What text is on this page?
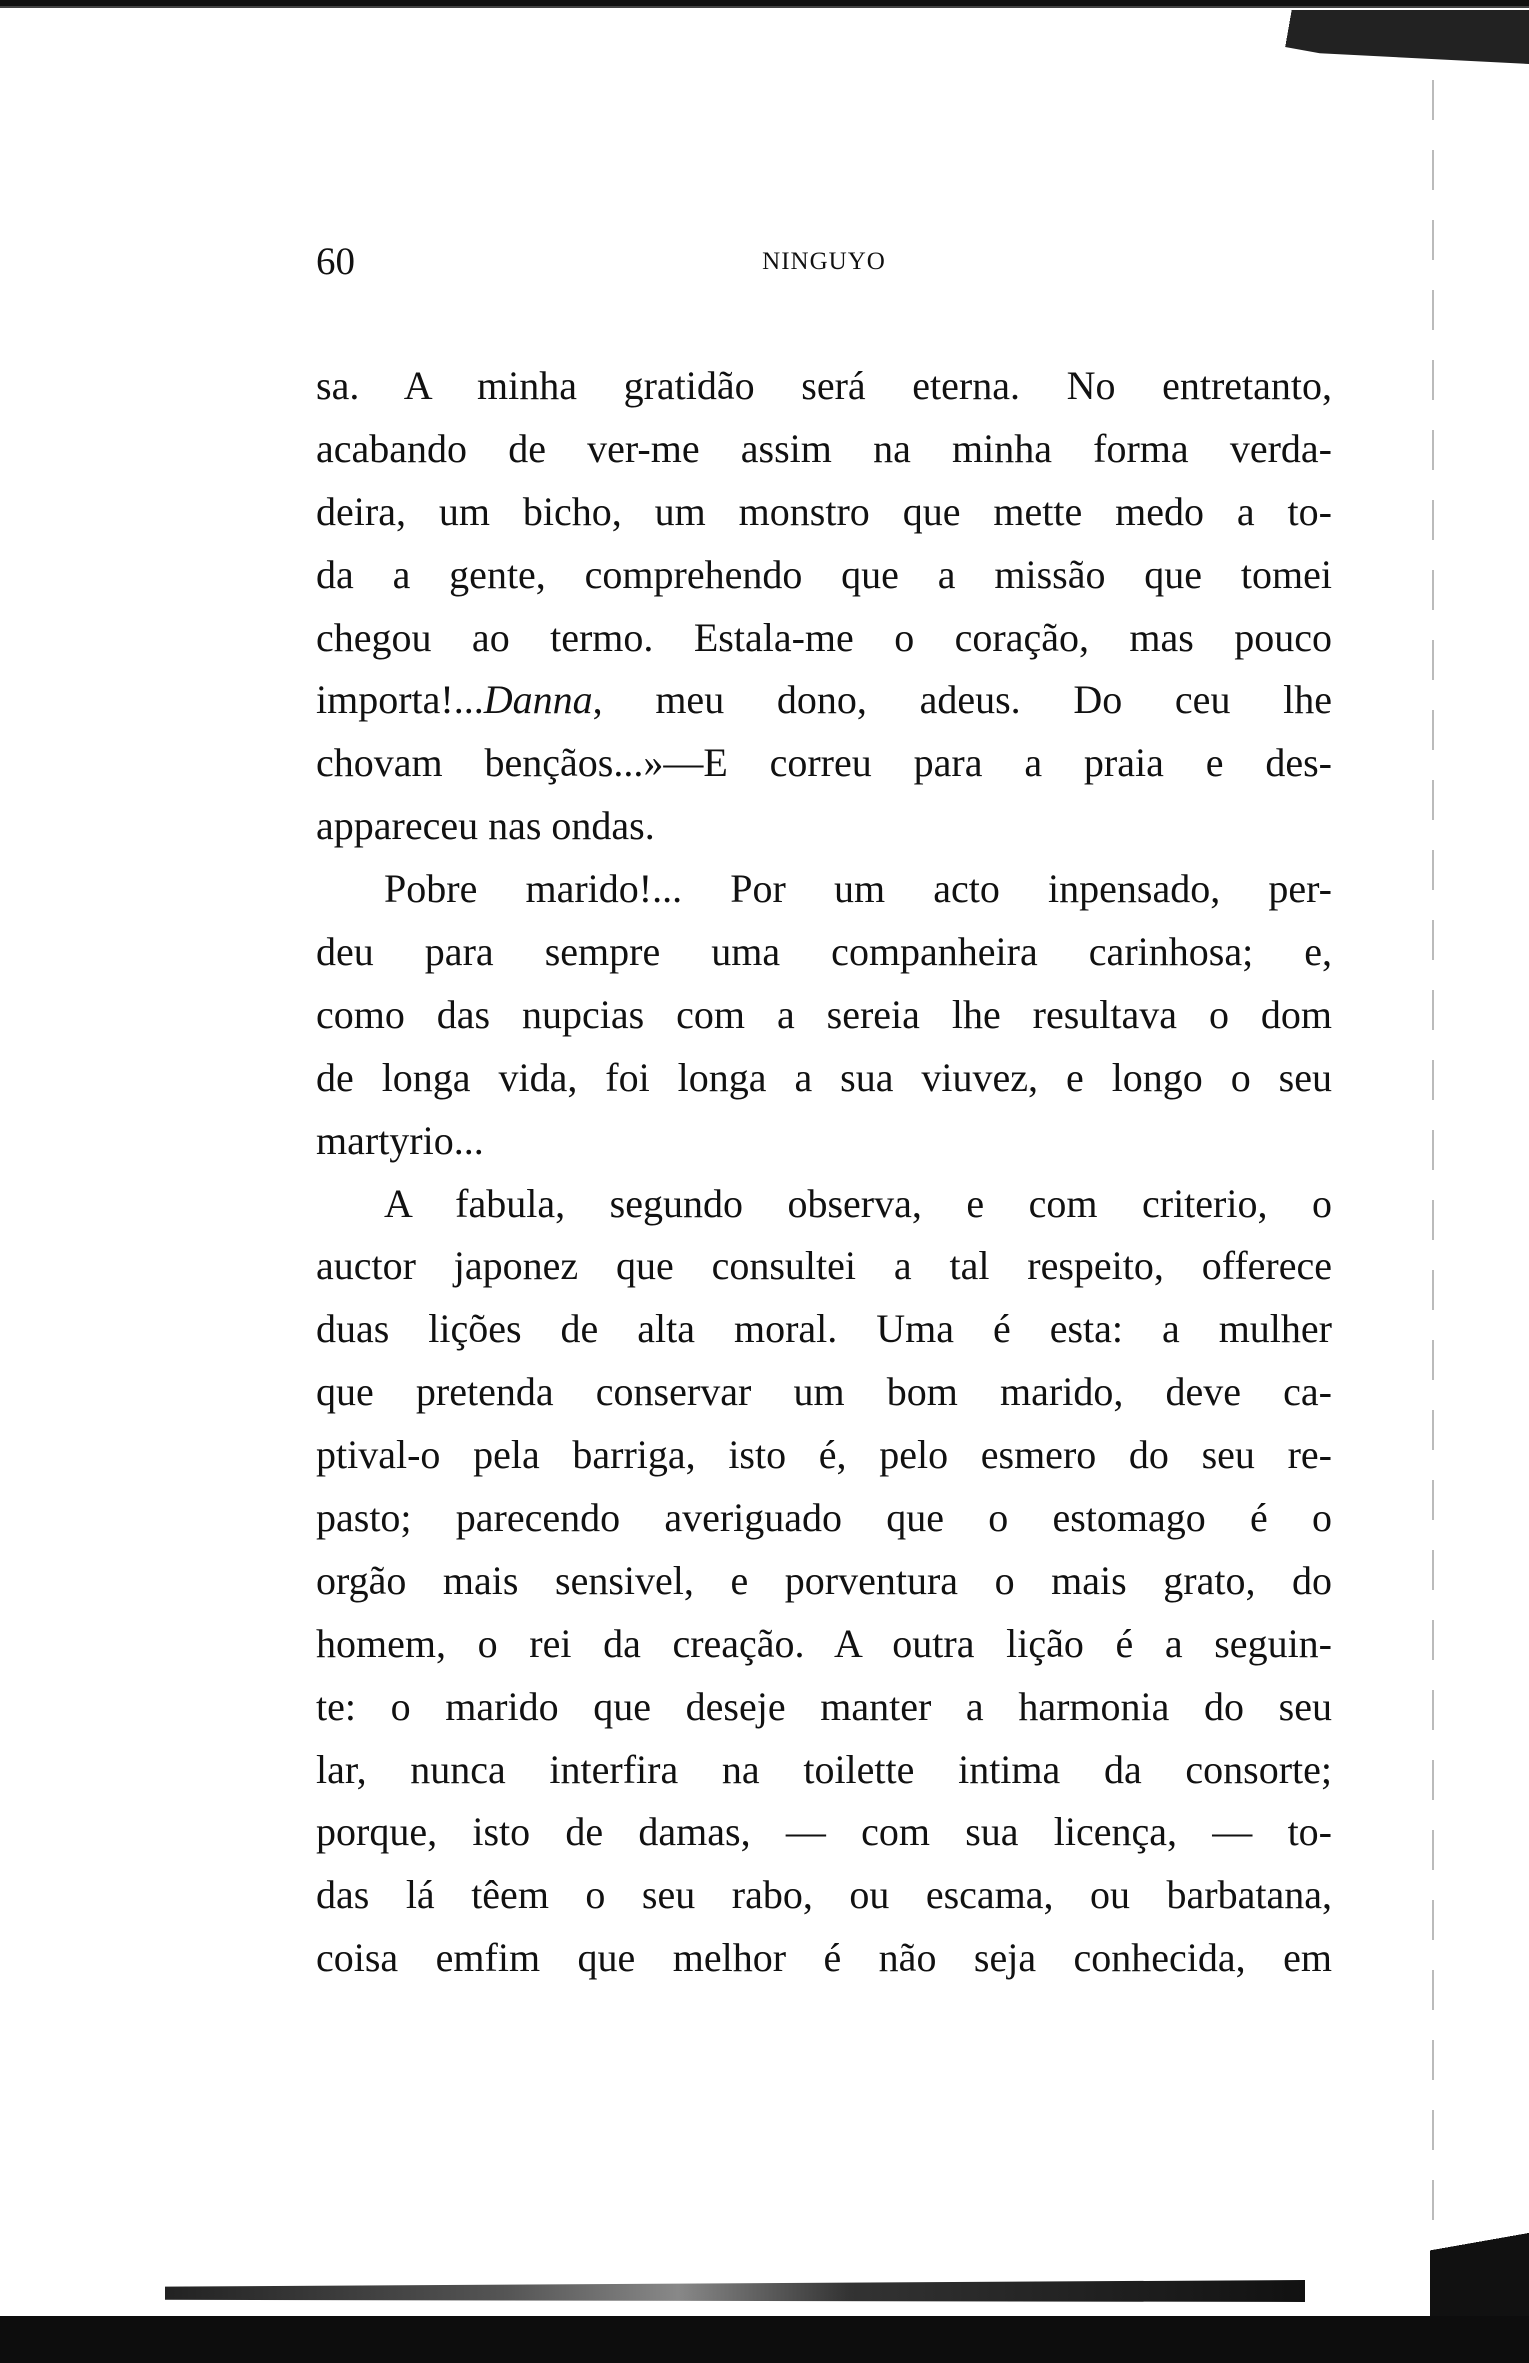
60	NINGUYO
sa. A minha gratidão será eterna. No entretanto,
acabando de ver-me assim na minha forma verda-
deira, um bicho, um monstro que mette medo a to-
da a gente, comprehendo que a missão que tomei
chegou ao termo. Estala-me o coração, mas pouco
importa!...Danna, meu dono, adeus. Do ceu lhe
chovam bençãos...»—E correu para a praia e des-
appareceu nas ondas.
Pobre marido!... Por um acto inpensado, per-
deu para sempre uma companheira carinhosa; e,
como das nupcias com a sereia lhe resultava o dom
de longa vida, foi longa a sua viuvez, e longo o seu
martyrio...
A fabula, segundo observa, e com criterio, o
auctor japonez que consultei a tal respeito, offerece
duas lições de alta moral. Uma é esta: a mulher
que pretenda conservar um bom marido, deve ca-
ptival-o pela barriga, isto é, pelo esmero do seu re-
pasto; parecendo averiguado que o estomago é o
orgão mais sensivel, e porventura o mais grato, do
homem, o rei da creação. A outra lição é a seguin-
te: o marido que deseje manter a harmonia do seu
lar, nunca interfira na toilette intima da consorte;
porque, isto de damas, — com sua licença, — to-
das lá têem o seu rabo, ou escama, ou barbatana,
coisa emfim que melhor é não seja conhecida, em
